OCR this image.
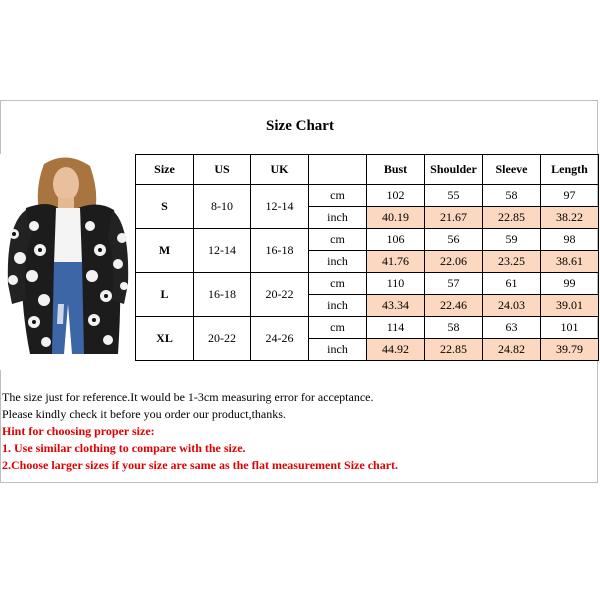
Size Chart
Size	US	UK		Bust	Shoulder	Sleeve	Length
S	8-10	12-14	cm	102	55	58	97
			inch	40.19	21.67	22.85	38.22
M	12-14	16-18	cm	106	56	59	98
			inch	41.76	22.06	23.25	38.61
L	16-18	20-22	cm	110	57	61	99
			inch	43.34	22.46	24.03	39.01
XL	20-22	24-26	cm	114	58	63	101
			inch	44.92	22.85	24.82	39.79
The size just for reference.It would be 1-3cm measuring error for acceptance.
Please kindly check it before you order our product,thanks.
Hint for choosing proper size:
1. Use similar clothing to compare with the size.
2.Choose larger sizes if your size are same as the flat measurement Size chart.
